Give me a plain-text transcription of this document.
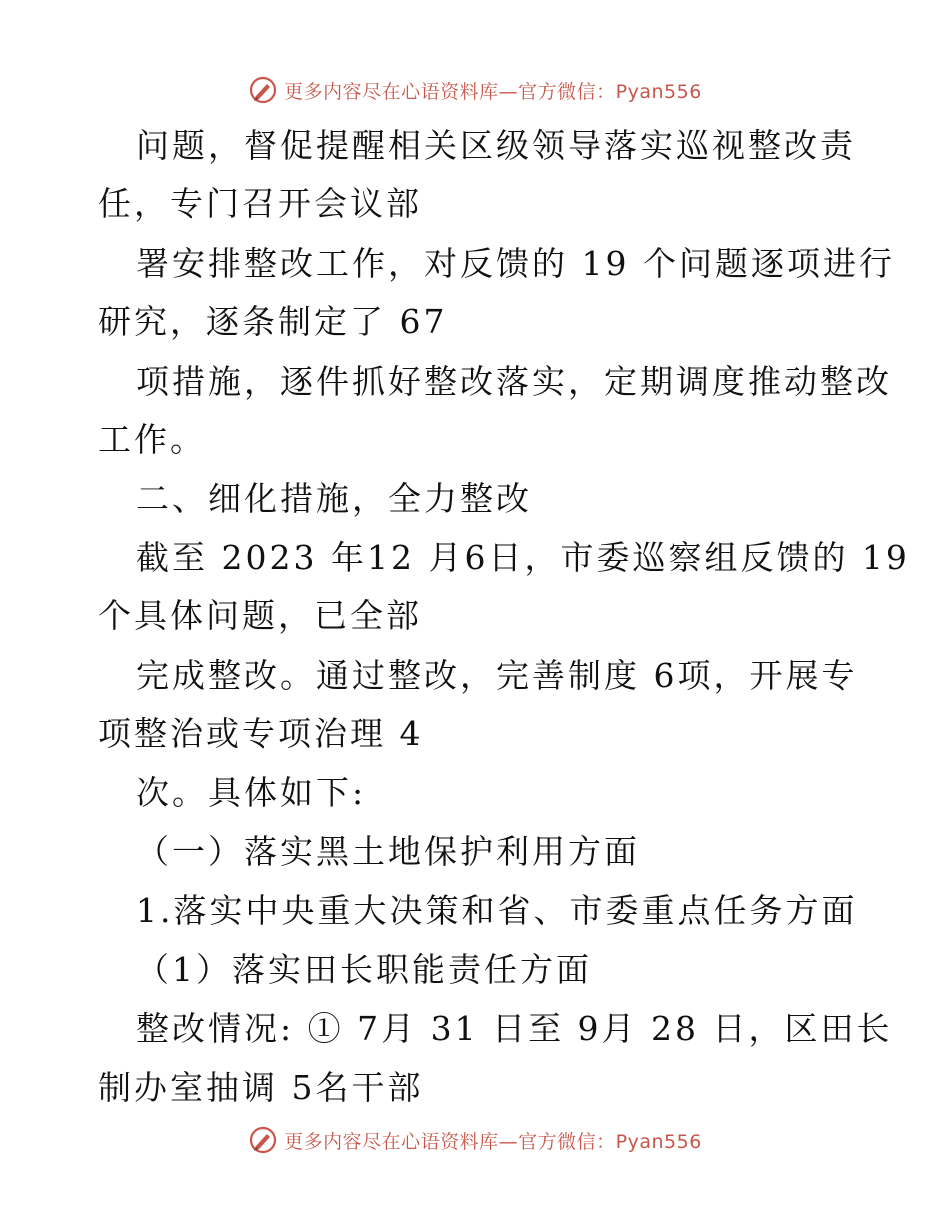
更多内容尽在心语资料库—官方微信：Pyan556
问题，督促提醒相关区级领导落实巡视整改责
任，专门召开会议部
署安排整改工作，对反馈的 19 个问题逐项进行
研究，逐条制定了 67
项措施，逐件抓好整改落实，定期调度推动整改
工作。
二、细化措施，全力整改
截至 2023 年12 月6日，市委巡察组反馈的 19
个具体问题，已全部
完成整改。通过整改，完善制度 6项，开展专
项整治或专项治理 4
次。具体如下:
（一）落实黑土地保护利用方面
1.落实中央重大决策和省、市委重点任务方面
（1）落实田长职能责任方面
整改情况: ① 7月 31 日至 9月 28 日，区田长
制办室抽调 5名干部
更多内容尽在心语资料库—官方微信：Pyan556
